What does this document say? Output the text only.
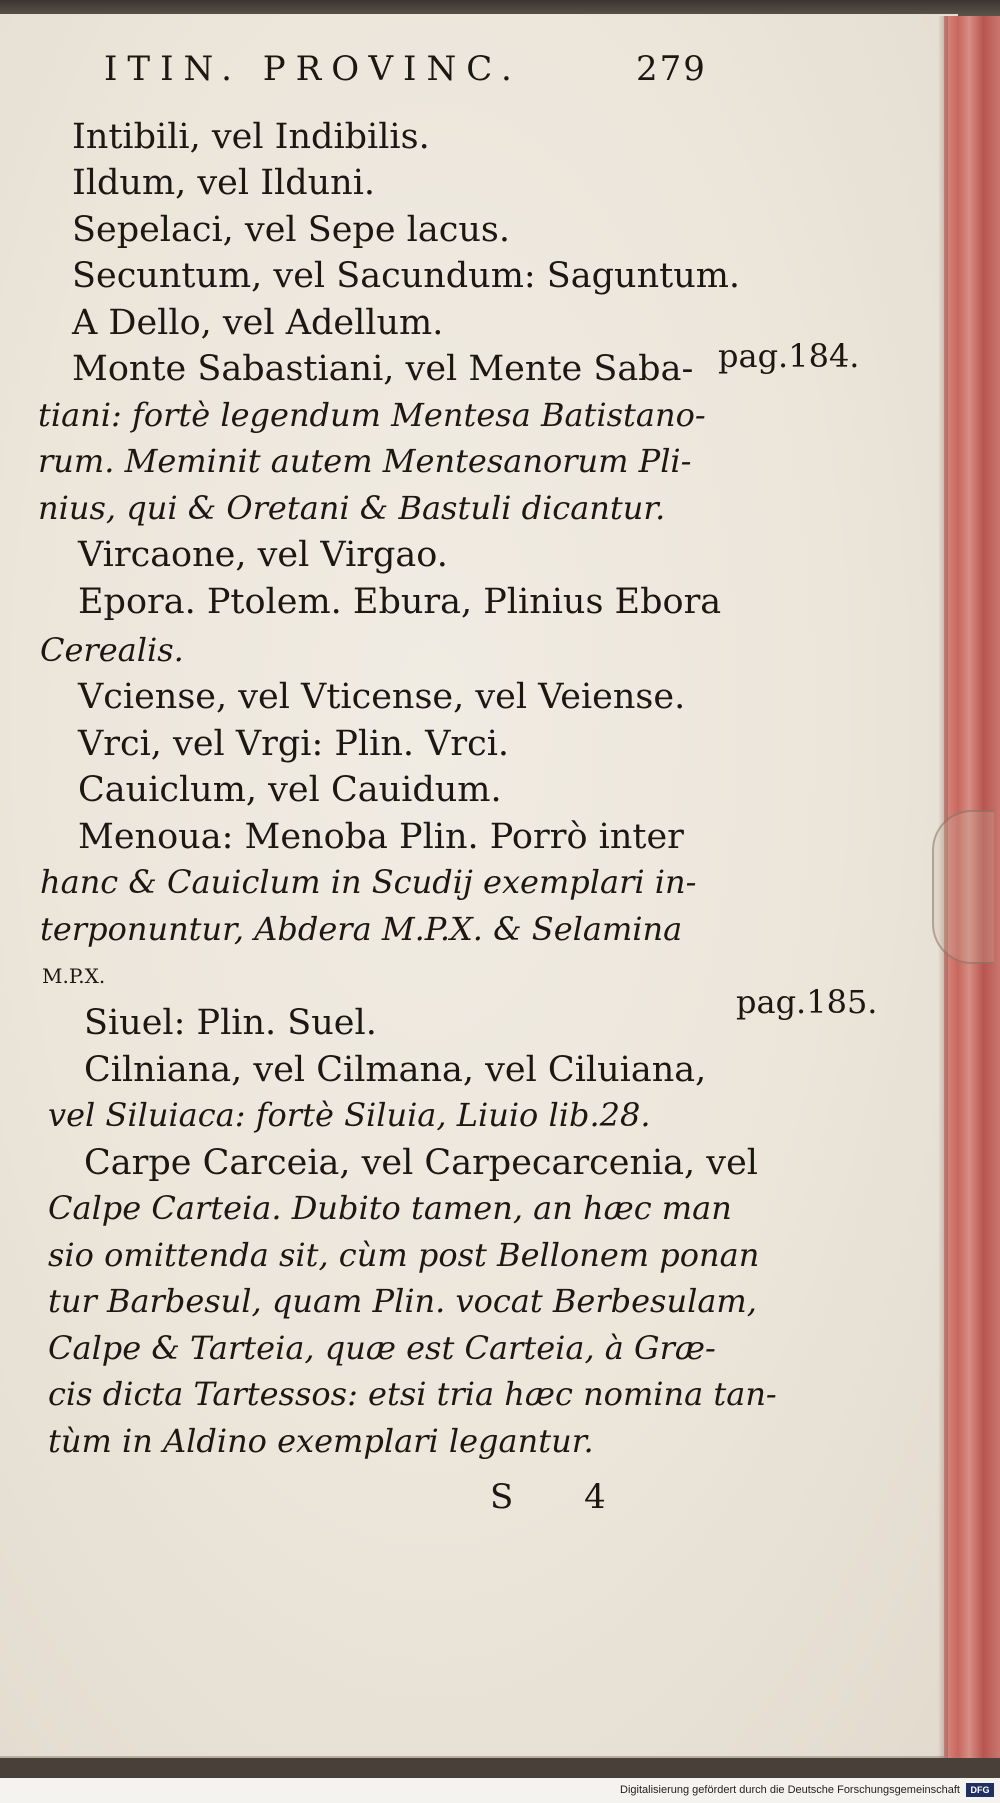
ITIN. PROVINC.	279
Intibili, vel Indibilis.
Ildum, vel Ilduni.
Sepelaci, vel Sepe lacus.
Secuntum, vel Sacundum: Saguntum.
A Dello, vel Adellum.
Monte Sabastiani, vel Mente Saba-
tiani: fortè legendum Mentesa Batistano-
rum. Meminit autem Mentesanorum Pli-
nius, qui & Oretani & Bastuli dicantur.
Vircaone, vel Virgao.
Epora. Ptolem. Ebura, Plinius Ebora
Cerealis.
Vciense, vel Vticense, vel Veiense.
Vrci, vel Vrgi: Plin. Vrci.
Cauiclum, vel Cauidum.
Menoua: Menoba Plin. Porrò inter
hanc & Cauiclum in Scudij exemplari in-
terponuntur, Abdera M.P.X. & Selamina
M.P.X.
Siuel: Plin. Suel.
Cilniana, vel Cilmana, vel Ciluiana,
vel Siluiaca: fortè Siluia, Liuio lib.28.
Carpe Carceia, vel Carpecarcenia, vel
Calpe Carteia. Dubito tamen, an hæc man
sio omittenda sit, cùm post Bellonem ponan
tur Barbesul, quam Plin. vocat Berbesulam,
Calpe & Tarteia, quæ est Carteia, à Græ-
cis dicta Tartessos: etsi tria hæc nomina tan-
tùm in Aldino exemplari legantur.
pag.184.
pag.185.
S 4
Digitalisierung gefördert durch die Deutsche Forschungsgemeinschaft	DFG
